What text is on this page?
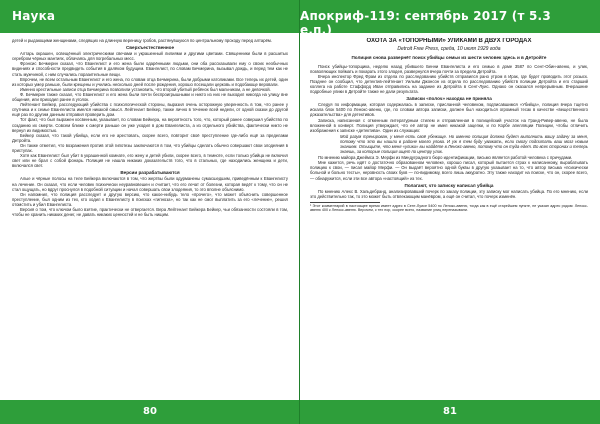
Наука

детей и рыдающими женщинами, следящих на длинную вереницу гробов, растянувшуюся по центральному проходу перед алтарём.

Сверхъестественное

Алтарь окрашен, освещённый электрическими свечами и украшенный лилиями и другими цветами. Священники были в расшитых серебром чёрных мантиях, облачаясь для погребальных месс.

Фрэнсис Бечмерин сказал, что Евангелист и его жена были одарёнными людьми, они оба рассказывали ему о своих необычных видениях и способности предвидеть события в далёком будущем. Евангелист, по словам Бечмерина, вызывал дождь, и перед тем как не стать мужчиной, с ним случались поразительные вещи.

Впрочем, не всем остальным Евангелист и его жена, по словам отца Бечмерина, были добрыми католиками. Все теперь их детей, один из которых умер раньше, были крещены и учились несколько дней после рождения, хорошо посещали церковь и подобающе веровали.

Именно крестильные записи отца Бечмерина позволили установить, что второй убитый ребёнок был мальчиком, а не девочкой.

Ф. Бечмерин также сказал, что Евангелист и его жена были почти беспроигрышными и никто из них не выходил никогда на улицу вне общения, или приходил ранее в уголок.

Лейтенант Бейкер, расследующий убийства с психологической стороны, выразил очень осторожную уверенность в том, что ранее у спутника и к семье Евангелиста имелся никакой смысл. Лейтенант Бейкер, также лично в течение всей недели, от одной сказки до другой ещё раз по другим данным отправил проверить дом.

Тот факт, что был выражен косвенным, указывает, по словам Бейкера, на вероятность того, что, который ранее совершил убийство по созданию их смерти. Совсем ближе к смерти раньше он уже уходил в дом Евангелиста, а из отдельного убийства, фактически никто не вернул их видимостью.

Бейкер сказал, что такой убийца, если его не арестовать, скорее всего, повторит своё преступление где-либо ещё за пределами Детройта.

Он также отметил, что возражения против этой гипотезы заключаются в том, что убийцы сделать обычно совершают свои злодеяния в приступах.

Хотя как Евангелист был убит в украшенной комнате, его жену и детей убили, скорее всего, в темноте, если только убийца не включил свет или не брал с собой фонарь. Полиция не нашла никаких доказательств того, что в стальных, где находились женщина и дети, включался свет.

Версии разрабатываются

Алые и чёрные полосы на теле Бейкера включаются в том, что жертвы были одурманены сумасшедшим, приведённым к Евангелисту на лечение. Он сказал, что если человек психически неуравновешен и считает, что его лечат от болезни, которая ведёт к тому, что он не стал ощущать, но вдруг проснулся в подобной ситуации и начал совершать свои злодеяния, то это вполне объяснимо.

Он напомнил, что полиция расследует и другую версию, что какое-нибудь тело «прочего», что может объяснить совершенное преступление, был одним из тех, кто ходил к Евангелисту в поисках «гипноза», но так как не смог выплатить за его «лечение», решил отомстить и убил Евангелиста.

Версия о том, что ключом было взятие, практически не отвергается. Вера Лейтенант Бейкера Бейкер, чьи обязанности состояли в том, чтобы не хранить никаких денег, не давать никаких ценностей и не быть нищим.

80
Апокриф-119: сентябрь 2017 (т 5.3 е.п.)
ОХОТА ЗА «ТОПОРНЫМИ» УЛИКАМИ В ДВУХ ГОРОДАХ
Detroit Free Press, среда, 10 июля 1929 года
Полиция снова развернёт поиск убийцы семьи из шести человек здесь и в Детройте

Поиск убийцы-топорщика, неделю назад убившего Бенни Евангелиста и его семью в доме 3587 по Сент-Обин-авеню, и улик, позволяющих поймать и покарать этого злодея, развернулся вчера почти за предела Детройта.

Вчера инспектор Фред Фрам из отдела по расследованию убийств отправился рано утром в Ирак, где будет проводить этот розыск. Позднее он сообщил, что детектив-лейтенант Уильям Джонсон из отдела по расследованию убийств полиции Детройта и его старший коллега на работе Стаффорд Иван отправились на задание из Детройта в Сент-Луис. Однако он оказался непрерывным. Вчерашние подробные улики в Детройте также не дали результата.

Записки «полоч» находка не приняла

Следуя по информации, которая содержалась в записке, присланной человеком, подписавшимся «Убийца», полиция вчера тщетно искала блок 5400 по Ленокс-авеню, где, по словам автора записки, должен был находиться огромный тесак в качестве «вещественного доказательства» для детективов.

Записка, написанная с отменным литературным стилем и отправленная в полицейский участок на Гранд-Ривер-авеню, не была вложенной в конверт. Полиция утверждает, что её автор не имел никакой зацепки, и по Корбе апелляции Полиции, чтобы отличить изображения к записке «детектива». Один из служащих:

Мой разум тренирован, у меня есть своё убежище. Но именно полиция должна будет выполнить вашу задачу за меня, потому что это вы нашли в районе моего улова. И уж я тем буду уважать, если смогу подпитать ваш мозг новым знанием. Отыщите, что меня «улики» вы найдёте в Ленокс-авеню, потому что он туда едет. Во всех сторонах и теперь знаешь, за которые полиция ищет по центру улик.

По мнению майора Джеймса Э. Мерфи из Миндуградного бюро идентификации, письмо является работой человека с причудами.

Мне кажется, речь идёт о достаточно образованном человеке, хорошо писал, который пытается страх к написанному, вырабатывать полицию к свои, — писал майор Мерфи. — Он выдаёт вероятно одной буквы в другую указывает на то, что автор письма «психически больной и больно тесты», неровность своих букв — по-видимому, всего лишь аккуратно. Эту также находит на поиске, что он, скорее всего, — обнаружится, если эти все автора «настоящий» из тех.

Полагают, что записку написал убийца

По мнению Алекс В. Хальдебранд, анализировавший почерк по заказу полиции, эту записку мог написать убийца. По его мнению, если это действительно так, то это может быть отвлекающим манёвром, а ещё он считал, что почерк изменён.

¹ Этот комментарий в настоящее время имеет адрес в Сент-Луисе 5400 по Ленокс-авеню, тогда как в ещё старейшем пункте, не указан адрес рядом: Ленокс-авеню 400 к Ленокс-авеню. Впрочем, с тех пор, скорее всего, название улиц переназывали.

81
